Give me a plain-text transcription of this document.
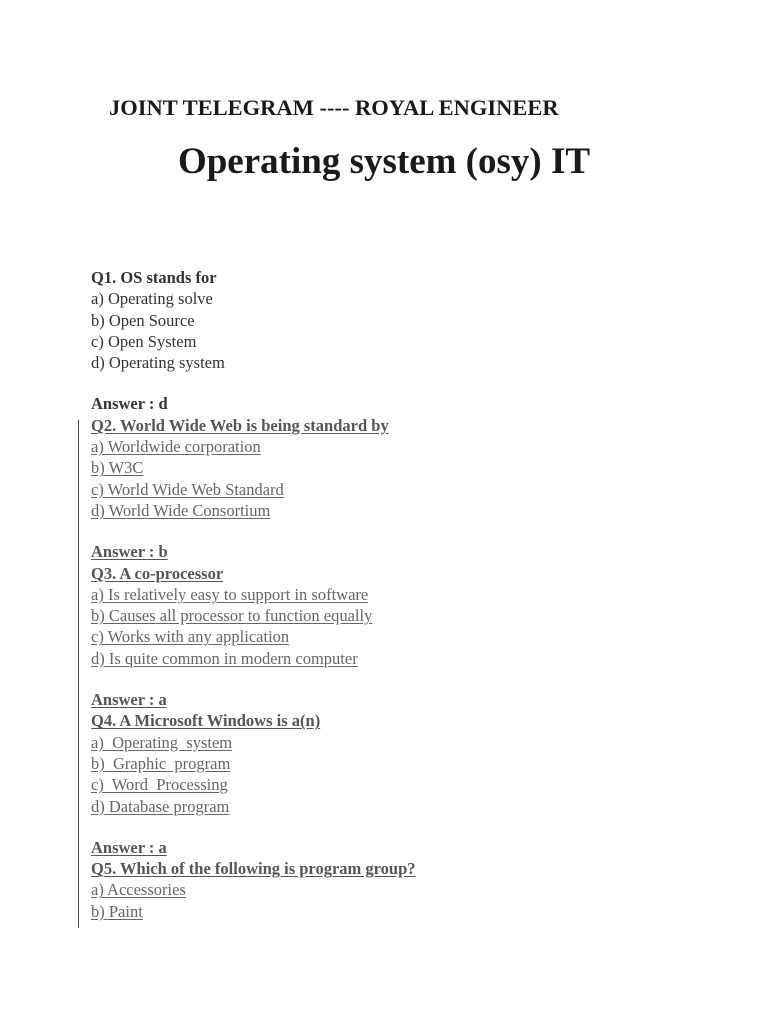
JOINT TELEGRAM ---- ROYAL ENGINEER
Operating system (osy) IT
Q1. OS stands for
a) Operating solve
b) Open Source
c) Open System
d) Operating system
Answer : d
Q2. World Wide Web is being standard by
a) Worldwide corporation
b) W3C
c) World Wide Web Standard
d) World Wide Consortium
Answer : b
Q3. A co-processor
a) Is relatively easy to support in software
b) Causes all processor to function equally
c) Works with any application
d) Is quite common in modern computer
Answer : a
Q4. A Microsoft Windows is a(n)
a)  Operating  system
b)  Graphic  program
c)  Word  Processing
d) Database program
Answer : a
Q5. Which of the following is program group?
a) Accessories
b) Paint
